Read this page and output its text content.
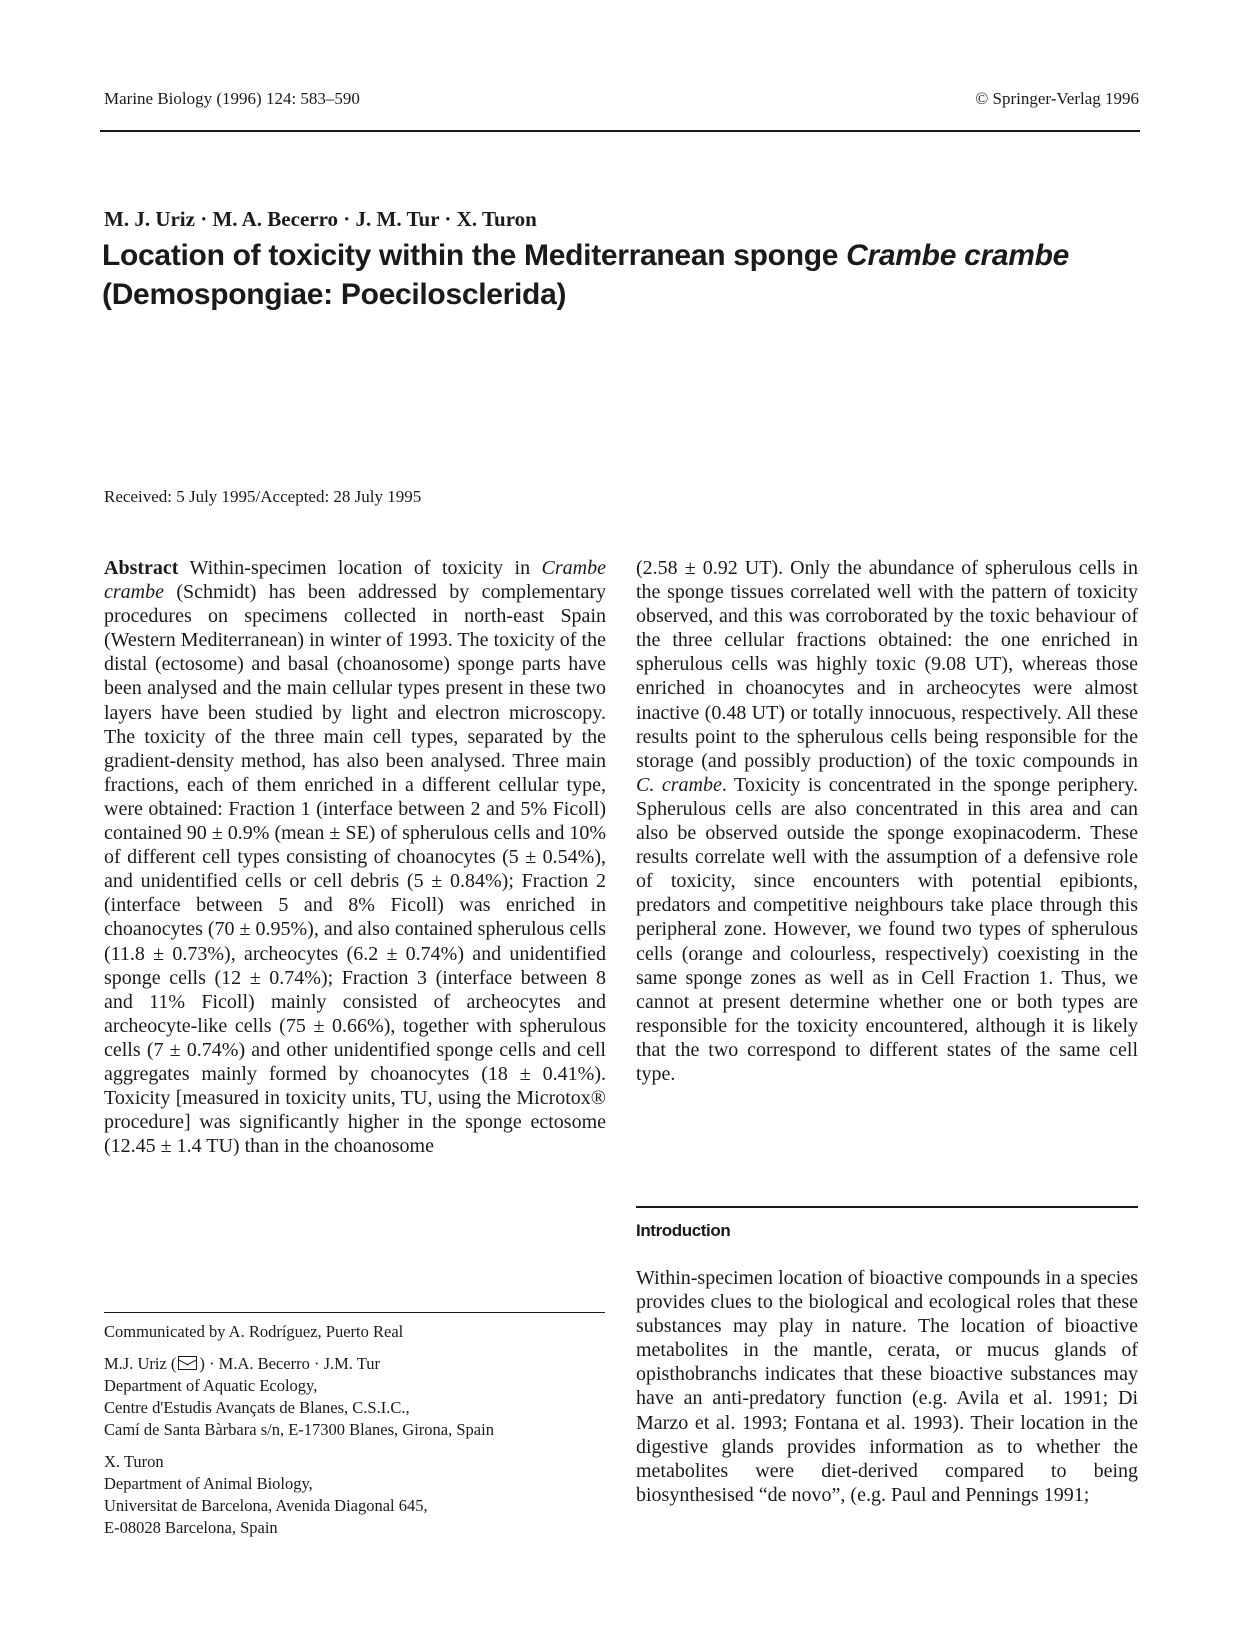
Marine Biology (1996) 124: 583–590	© Springer-Verlag 1996
M. J. Uriz · M. A. Becerro · J. M. Tur · X. Turon
Location of toxicity within the Mediterranean sponge Crambe crambe
(Demospongiae: Poecilosclerida)
Received: 5 July 1995/Accepted: 28 July 1995

Abstract Within-specimen location of toxicity in Crambe crambe (Schmidt) has been addressed by complementary procedures on specimens collected in north-east Spain (Western Mediterranean) in winter of 1993. The toxicity of the distal (ectosome) and basal (choanosome) sponge parts have been analysed and the main cellular types present in these two layers have been studied by light and electron microscopy. The toxicity of the three main cell types, separated by the gradient-density method, has also been analysed. Three main fractions, each of them enriched in a different cellular type, were obtained: Fraction 1 (interface between 2 and 5% Ficoll) contained 90 ± 0.9% (mean ± SE) of spherulous cells and 10% of different cell types consisting of choanocytes (5 ± 0.54%), and unidentified cells or cell debris (5 ± 0.84%); Fraction 2 (interface between 5 and 8% Ficoll) was enriched in choanocytes (70 ± 0.95%), and also contained spherulous cells (11.8 ± 0.73%), archeocytes (6.2 ± 0.74%) and unidentified sponge cells (12 ± 0.74%); Fraction 3 (interface between 8 and 11% Ficoll) mainly consisted of archeocytes and archeocyte-like cells (75 ± 0.66%), together with spherulous cells (7 ± 0.74%) and other unidentified sponge cells and cell aggregates mainly formed by choanocytes (18 ± 0.41%). Toxicity [measured in toxicity units, TU, using the Microtox® procedure] was significantly higher in the sponge ectosome (12.45 ± 1.4 TU) than in the choanosome

(2.58 ± 0.92 UT). Only the abundance of spherulous cells in the sponge tissues correlated well with the pattern of toxicity observed, and this was corroborated by the toxic behaviour of the three cellular fractions obtained: the one enriched in spherulous cells was highly toxic (9.08 UT), whereas those enriched in choanocytes and in archeocytes were almost inactive (0.48 UT) or totally innocuous, respectively. All these results point to the spherulous cells being responsible for the storage (and possibly production) of the toxic compounds in C. crambe. Toxicity is concentrated in the sponge periphery. Spherulous cells are also concentrated in this area and can also be observed outside the sponge exopinacoderm. These results correlate well with the assumption of a defensive role of toxicity, since encounters with potential epibionts, predators and competitive neighbours take place through this peripheral zone. However, we found two types of spherulous cells (orange and colourless, respectively) coexisting in the same sponge zones as well as in Cell Fraction 1. Thus, we cannot at present determine whether one or both types are responsible for the toxicity encountered, although it is likely that the two correspond to different states of the same cell type.

Communicated by A. Rodríguez, Puerto Real

M.J. Uriz ( ) · M.A. Becerro · J.M. Tur

Department of Aquatic Ecology,

Centre d'Estudis Avançats de Blanes, C.S.I.C.,

Camí de Santa Bàrbara s/n, E-17300 Blanes, Girona, Spain

X. Turon

Department of Animal Biology,

Universitat de Barcelona, Avenida Diagonal 645,

E-08028 Barcelona, Spain

Introduction

Within-specimen location of bioactive compounds in a species provides clues to the biological and ecological roles that these substances may play in nature. The location of bioactive metabolites in the mantle, cerata, or mucus glands of opisthobranchs indicates that these bioactive substances may have an anti-predatory function (e.g. Avila et al. 1991; Di Marzo et al. 1993; Fontana et al. 1993). Their location in the digestive glands provides information as to whether the metabolites were diet-derived compared to being biosynthesised “de novo”, (e.g. Paul and Pennings 1991;
